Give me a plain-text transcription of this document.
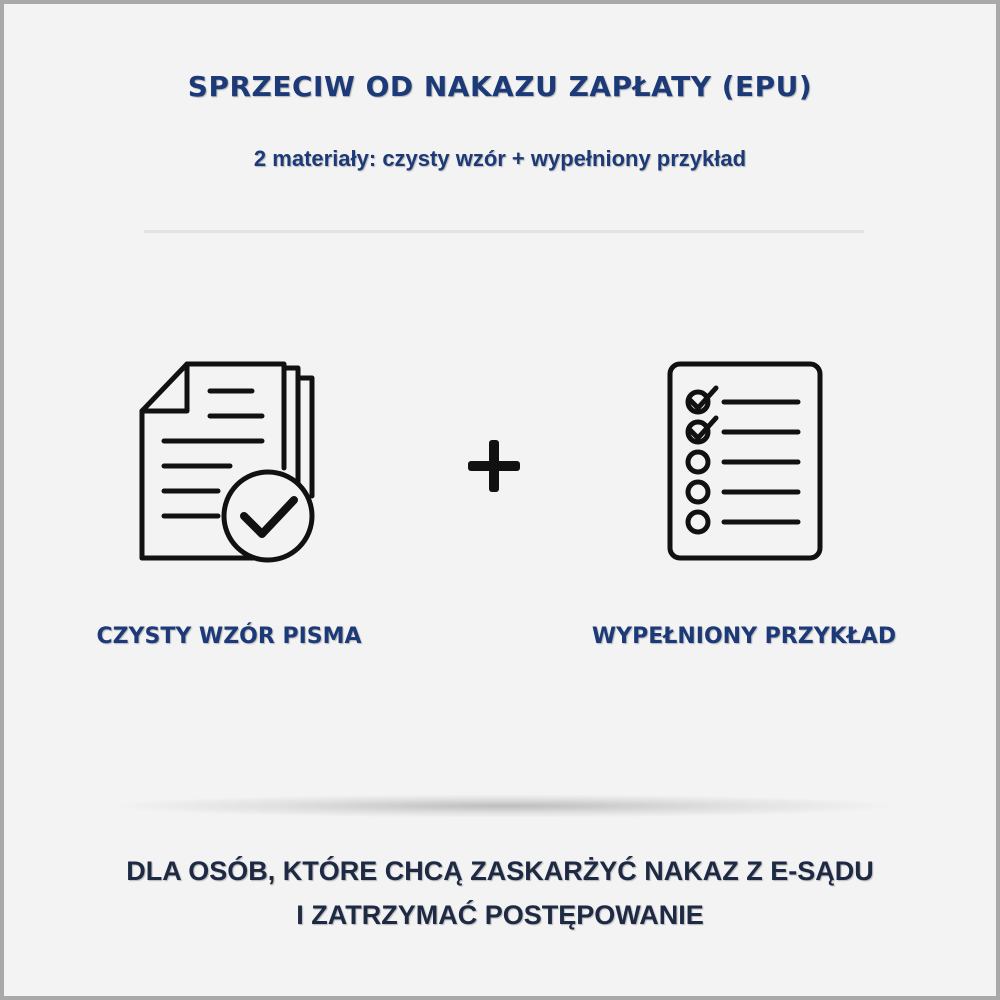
SPRZECIW OD NAKAZU ZAPŁATY (EPU)
2 materiały: czysty wzór + wypełniony przykład
CZYSTY WZÓR PISMA	WYPEŁNIONY PRZYKŁAD
DLA OSÓB, KTÓRE CHCĄ ZASKARŻYĆ NAKAZ Z E-SĄDU
I ZATRZYMAĆ POSTĘPOWANIE
